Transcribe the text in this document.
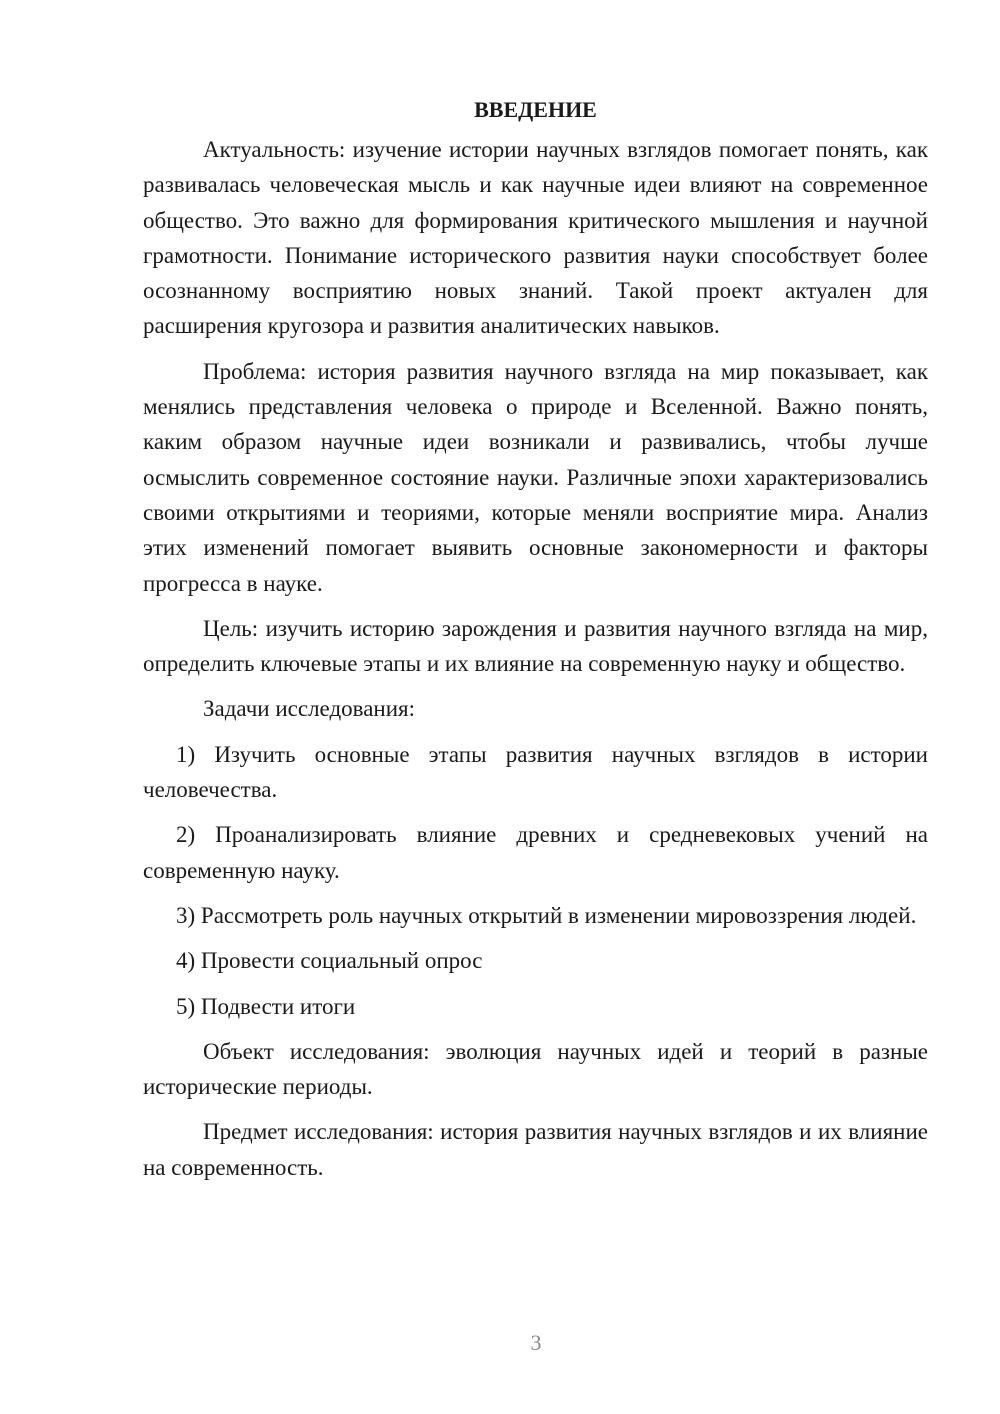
ВВЕДЕНИЕ

Актуальность: изучение истории научных взглядов помогает понять, как развивалась человеческая мысль и как научные идеи влияют на современное общество. Это важно для формирования критического мышления и научной грамотности. Понимание исторического развития науки способствует более осознанному восприятию новых знаний. Такой проект актуален для расширения кругозора и развития аналитических навыков.

Проблема: история развития научного взгляда на мир показывает, как менялись представления человека о природе и Вселенной. Важно понять, каким образом научные идеи возникали и развивались, чтобы лучше осмыслить современное состояние науки. Различные эпохи характеризовались своими открытиями и теориями, которые меняли восприятие мира. Анализ этих изменений помогает выявить основные закономерности и факторы прогресса в науке.

Цель: изучить историю зарождения и развития научного взгляда на мир, определить ключевые этапы и их влияние на современную науку и общество.

Задачи исследования:

1) Изучить основные этапы развития научных взглядов в истории человечества.

2) Проанализировать влияние древних и средневековых учений на современную науку.

3) Рассмотреть роль научных открытий в изменении мировоззрения людей.

4) Провести социальный опрос

5) Подвести итоги

Объект исследования: эволюция научных идей и теорий в разные исторические периоды.

Предмет исследования: история развития научных взглядов и их влияние на современность.

3
